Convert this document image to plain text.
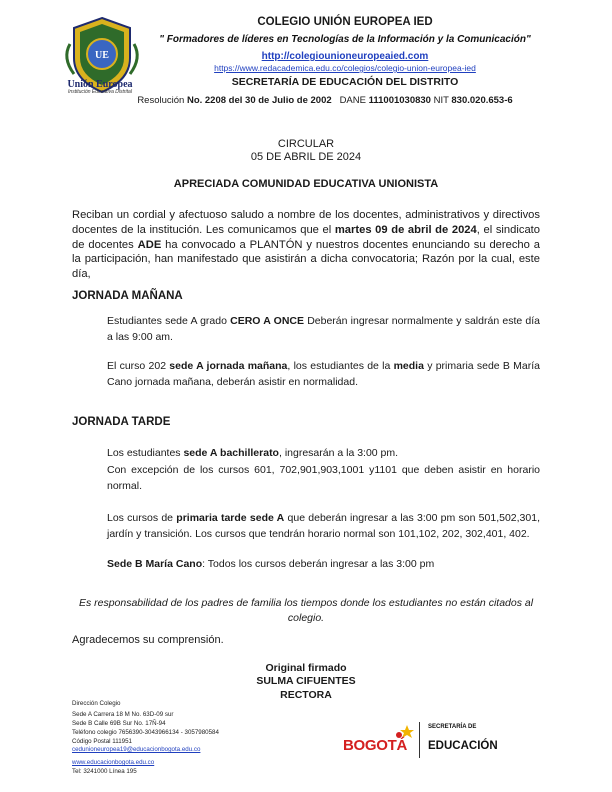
UE
Unión Europea
Institución Educativa Distrital
COLEGIO UNIÓN EUROPEA IED
" Formadores de líderes en Tecnologías de la Información y la Comunicación"
http://colegiounioneuropeaied.com
https://www.redacademica.edu.co/colegios/colegio-union-europea-ied
SECRETARÍA DE EDUCACIÓN DEL DISTRITO
Resolución No. 2208 del 30 de Julio de 2002 DANE 111001030830 NIT 830.020.653-6
CIRCULAR
05 DE ABRIL DE 2024
APRECIADA COMUNIDAD EDUCATIVA UNIONISTA
Reciban un cordial y afectuoso saludo a nombre de los docentes, administrativos y directivos docentes de la institución. Les comunicamos que el martes 09 de abril de 2024, el sindicato de docentes ADE ha convocado a PLANTÓN y nuestros docentes enunciando su derecho a la participación, han manifestado que asistirán a dicha convocatoria; Razón por la cual, este día,
JORNADA MAÑANA
Estudiantes sede A grado CERO A ONCE Deberán ingresar normalmente y saldrán este día a las 9:00 am.
El curso 202 sede A jornada mañana, los estudiantes de la media y primaria sede B María Cano jornada mañana, deberán asistir en normalidad.
JORNADA TARDE
Los estudiantes sede A bachillerato, ingresarán a la 3:00 pm.
Con excepción de los cursos 601, 702,901,903,1001 y1101 que deben asistir en horario normal.
Los cursos de primaria tarde sede A que deberán ingresar a las 3:00 pm son 501,502,301, jardín y transición. Los cursos que tendrán horario normal son 101,102, 202, 302,401, 402.
Sede B María Cano: Todos los cursos deberán ingresar a las 3:00 pm
Es responsabilidad de los padres de familia los tiempos donde los estudiantes no están citados al colegio.
Agradecemos su comprensión.
Original firmado
SULMA CIFUENTES
RECTORA
Dirección Colegio
Sede A Carrera 18 M No. 63D-09 sur
Sede B Calle 69B Sur No. 17Ñ-94
Teléfono colegio 7656390-3043966134 - 3057980584
Código Postal 111951
cedunioneuropea19@educacionbogota.edu.co
www.educacionbogota.edu.co
Tel: 3241000 Línea 195
BOGOTÁ
SECRETARÍA DE
EDUCACIÓN
